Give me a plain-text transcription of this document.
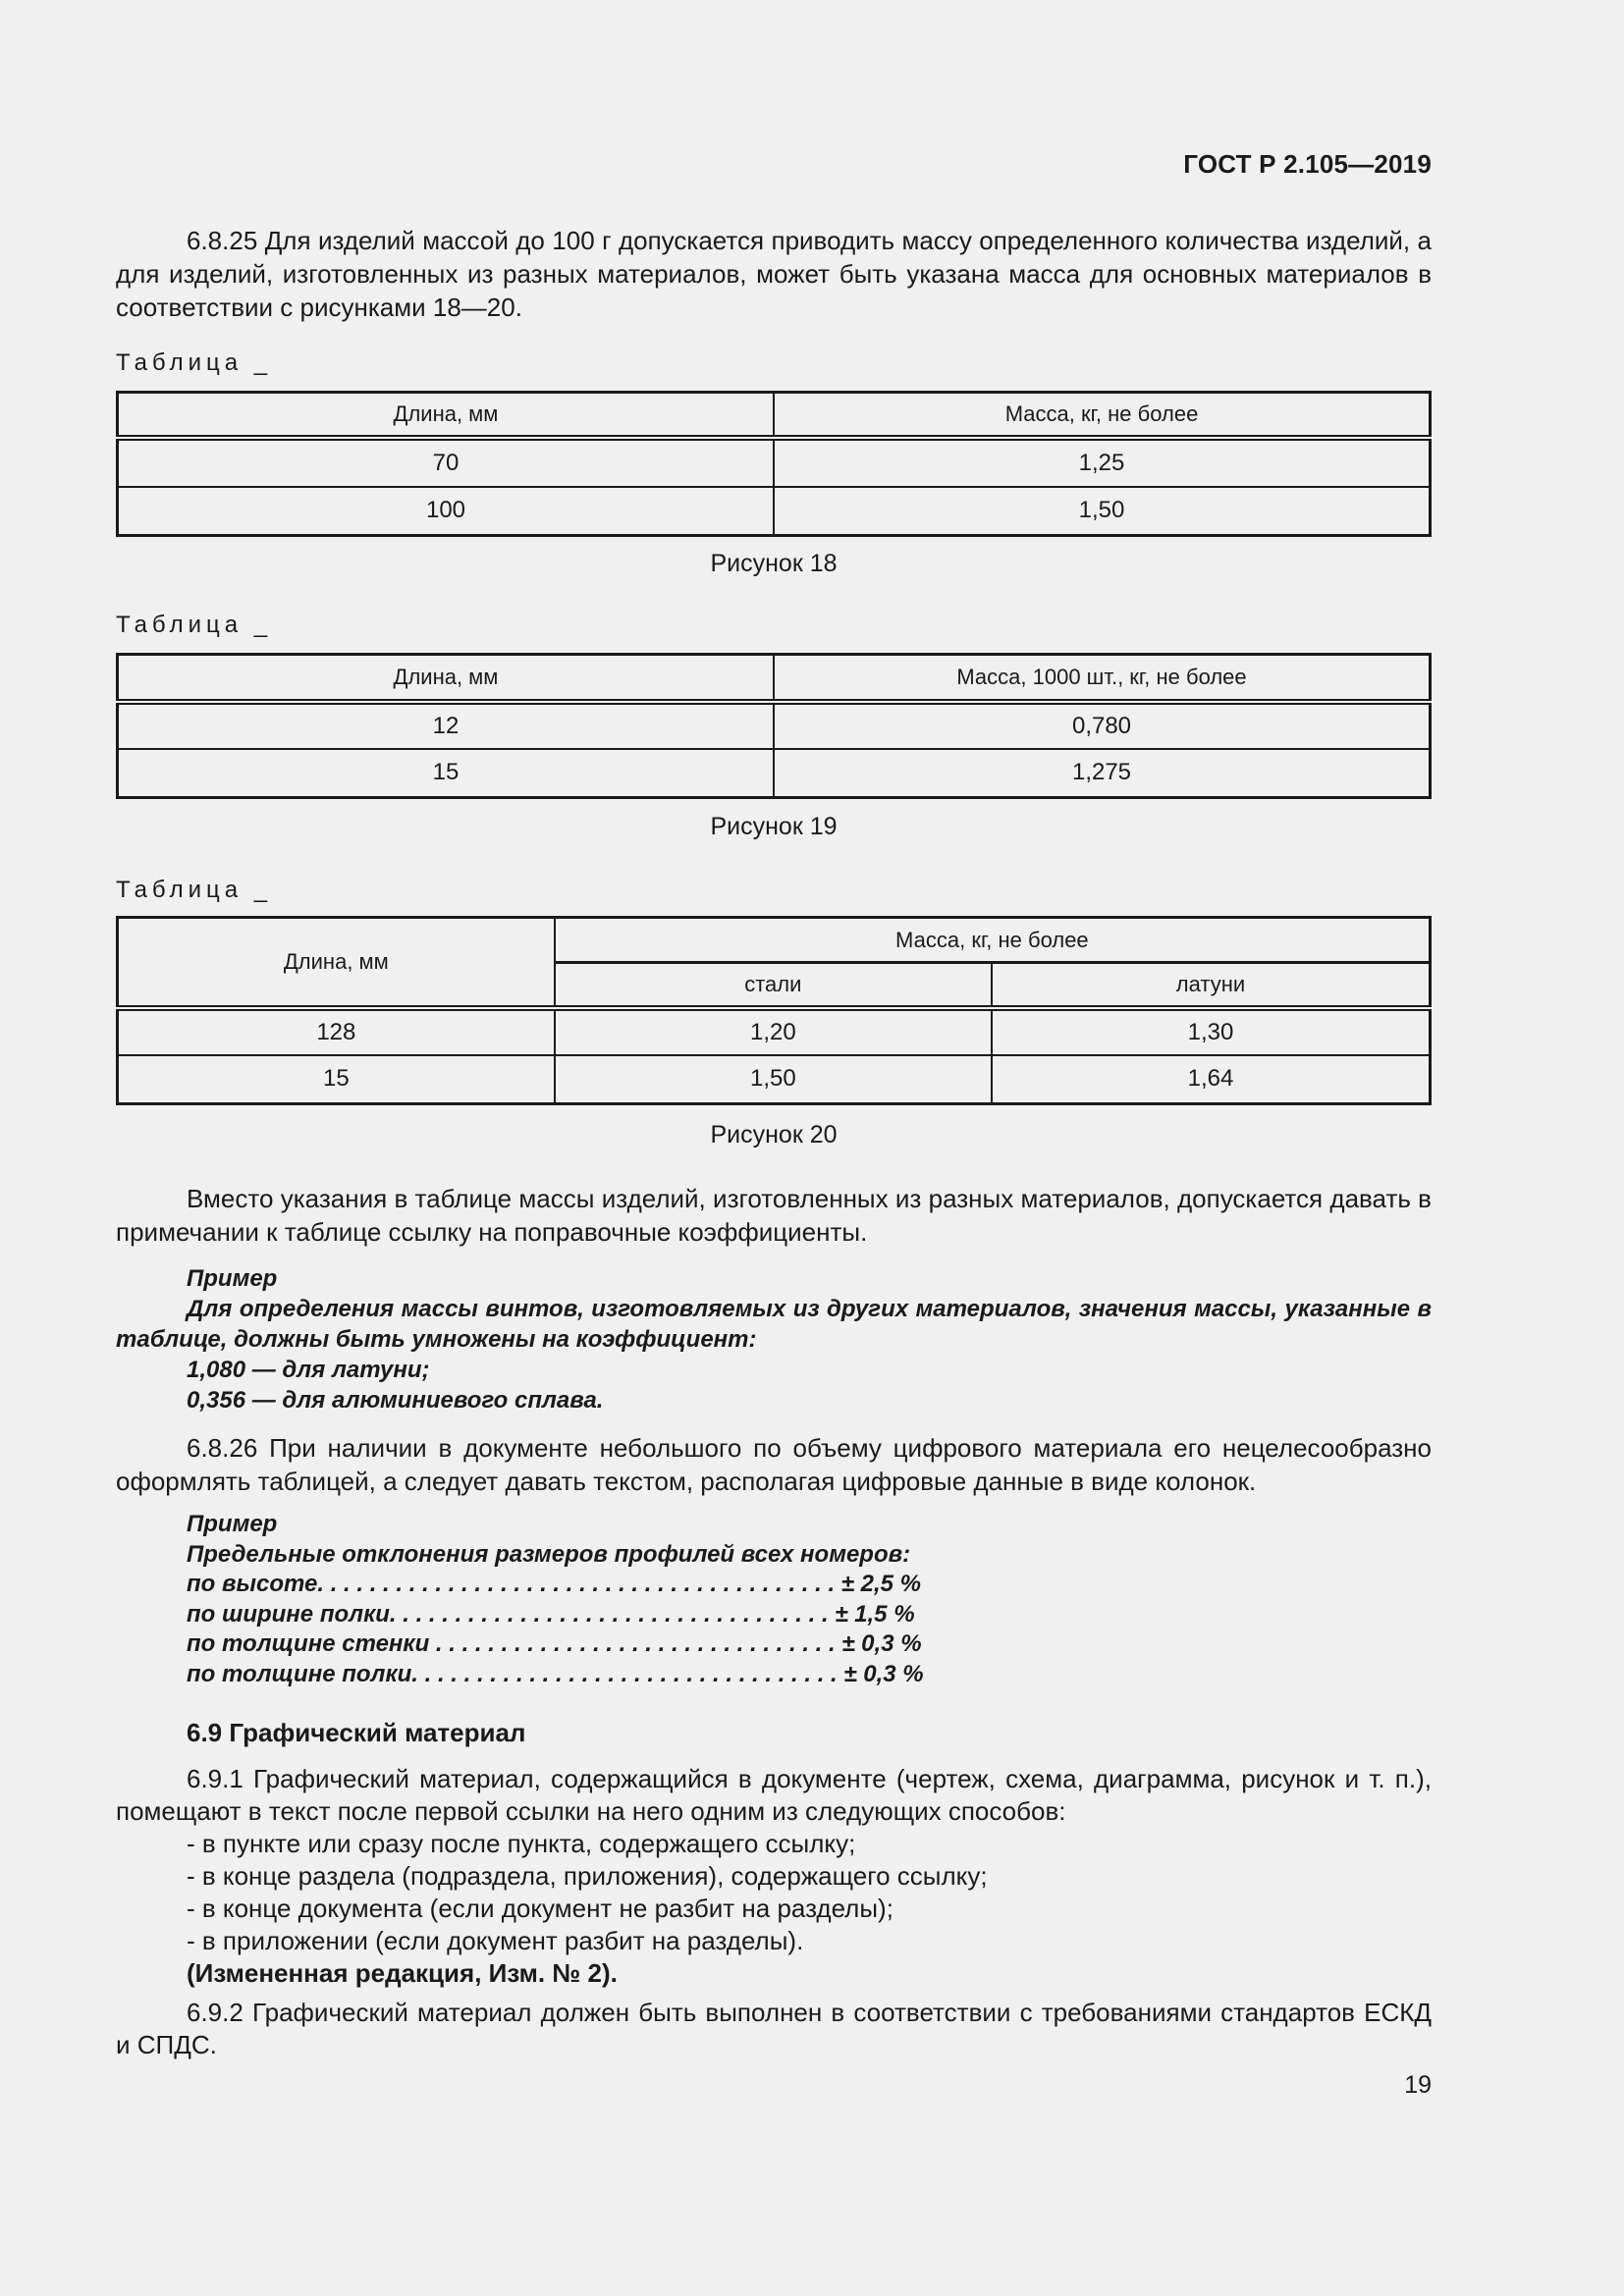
ГОСТ Р 2.105—2019
6.8.25 Для изделий массой до 100 г допускается приводить массу определенного количества изделий, а для изделий, изготовленных из разных материалов, может быть указана масса для основных материалов в соответствии с рисунками 18—20.
Таблица _
Длина, мм	Масса, кг, не более
70	1,25
100	1,50
Рисунок 18
Таблица _
Длина, мм	Масса, 1000 шт., кг, не более
12	0,780
15	1,275
Рисунок 19
Таблица _
Длина, мм	Масса, кг, не более	
	стали	латуни
128	1,20	1,30
15	1,50	1,64
Рисунок 20
Вместо указания в таблице массы изделий, изготовленных из разных материалов, допускается давать в примечании к таблице ссылку на поправочные коэффициенты.
Пример
Для определения массы винтов, изготовляемых из других материалов, значения массы, указанные в таблице, должны быть умножены на коэффициент:
1,080 — для латуни;
0,356 — для алюминиевого сплава.
6.8.26 При наличии в документе небольшого по объему цифрового материала его нецелесообразно оформлять таблицей, а следует давать текстом, располагая цифровые данные в виде колонок.
Пример
Предельные отклонения размеров профилей всех номеров:
по высоте. . . . . . . . . . . . . . . . . . . . . . . . . . . . . . . . . . . . . . . . ± 2,5 %
по ширине полки. . . . . . . . . . . . . . . . . . . . . . . . . . . . . . . . . . ± 1,5 %
по толщине стенки . . . . . . . . . . . . . . . . . . . . . . . . . . . . . . . ± 0,3 %
по толщине полки. . . . . . . . . . . . . . . . . . . . . . . . . . . . . . . . . ± 0,3 %
6.9 Графический материал
6.9.1 Графический материал, содержащийся в документе (чертеж, схема, диаграмма, рисунок и т. п.), помещают в текст после первой ссылки на него одним из следующих способов:
- в пункте или сразу после пункта, содержащего ссылку;
- в конце раздела (подраздела, приложения), содержащего ссылку;
- в конце документа (если документ не разбит на разделы);
- в приложении (если документ разбит на разделы).
(Измененная редакция, Изм. № 2).
6.9.2 Графический материал должен быть выполнен в соответствии с требованиями стандартов ЕСКД и СПДС.
19
